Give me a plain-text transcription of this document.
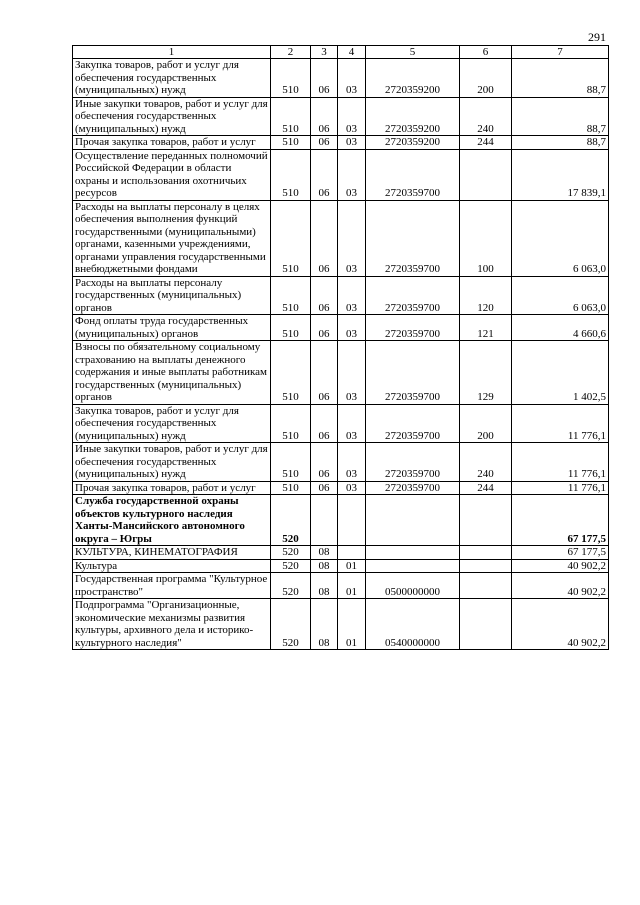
291
1	2	3	4	5	6	7
Закупка товаров, работ и услуг для обеспечения государственных (муниципальных) нужд	510	06	03	2720359200	200	88,7
Иные закупки товаров, работ и услуг для обеспечения государственных (муниципальных) нужд	510	06	03	2720359200	240	88,7
Прочая закупка товаров, работ и услуг	510	06	03	2720359200	244	88,7
Осуществление переданных полномочий Российской Федерации в области охраны и использования охотничьих ресурсов	510	06	03	2720359700		17 839,1
Расходы на выплаты персоналу в целях обеспечения выполнения функций государственными (муниципальными) органами, казенными учреждениями, органами управления государственными внебюджетными фондами	510	06	03	2720359700	100	6 063,0
Расходы на выплаты персоналу государственных (муниципальных) органов	510	06	03	2720359700	120	6 063,0
Фонд оплаты труда государственных (муниципальных) органов	510	06	03	2720359700	121	4 660,6
Взносы по обязательному социальному страхованию на выплаты денежного содержания и иные выплаты работникам государственных (муниципальных) органов	510	06	03	2720359700	129	1 402,5
Закупка товаров, работ и услуг для обеспечения государственных (муниципальных) нужд	510	06	03	2720359700	200	11 776,1
Иные закупки товаров, работ и услуг для обеспечения государственных (муниципальных) нужд	510	06	03	2720359700	240	11 776,1
Прочая закупка товаров, работ и услуг	510	06	03	2720359700	244	11 776,1
Служба государственной охраны объектов культурного наследия Ханты-Мансийского автономного округа – Югры	520					67 177,5
КУЛЬТУРА, КИНЕМАТОГРАФИЯ	520	08				67 177,5
Культура	520	08	01			40 902,2
Государственная программа "Культурное пространство"	520	08	01	0500000000		40 902,2
Подпрограмма "Организационные, экономические механизмы развития культуры, архивного дела и историко-культурного наследия"	520	08	01	0540000000		40 902,2
